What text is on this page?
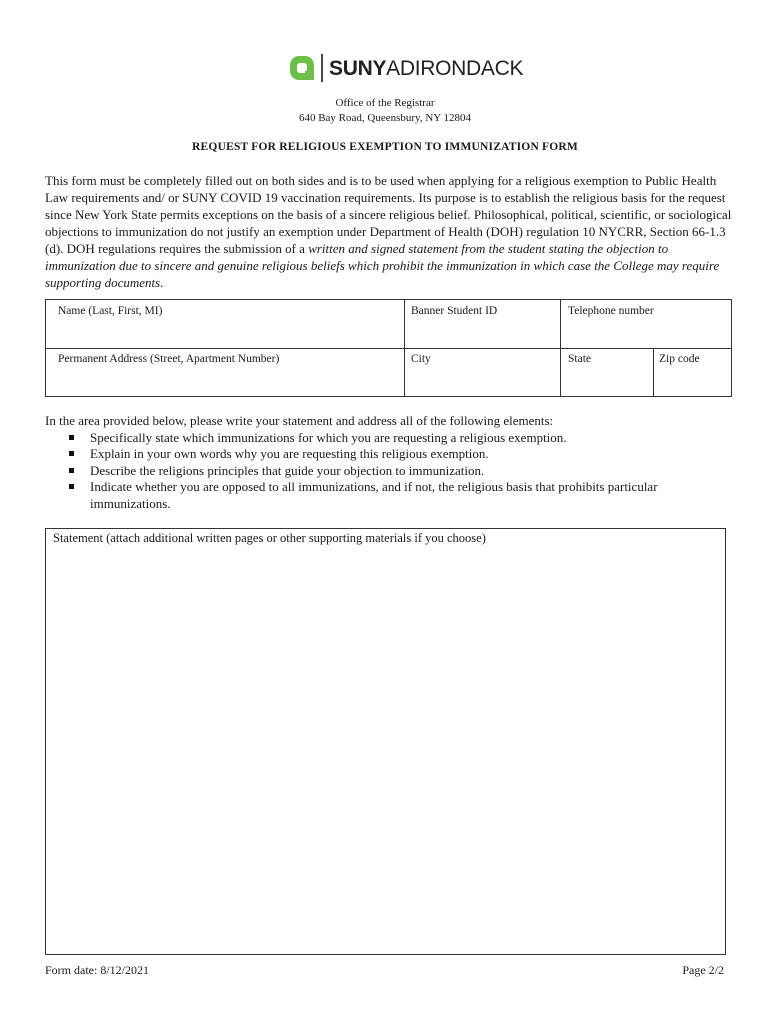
SUNYADIRONDACK
Office of the Registrar
640 Bay Road, Queensbury, NY 12804
REQUEST FOR RELIGIOUS EXEMPTION TO IMMUNIZATION FORM
This form must be completely filled out on both sides and is to be used when applying for a religious exemption to Public Health Law requirements and/ or SUNY COVID 19 vaccination requirements. Its purpose is to establish the religious basis for the request since New York State permits exceptions on the basis of a sincere religious belief. Philosophical, political, scientific, or sociological objections to immunization do not justify an exemption under Department of Health (DOH) regulation 10 NYCRR, Section 66-1.3 (d). DOH regulations requires the submission of a written and signed statement from the student stating the objection to immunization due to sincere and genuine religious beliefs which prohibit the immunization in which case the College may require supporting documents.
Name (Last, First, MI)	Banner Student ID	Telephone number
Permanent Address (Street, Apartment Number)	City	State	Zip code
In the area provided below, please write your statement and address all of the following elements:
Specifically state which immunizations for which you are requesting a religious exemption.
Explain in your own words why you are requesting this religious exemption.
Describe the religions principles that guide your objection to immunization.
Indicate whether you are opposed to all immunizations, and if not, the religious basis that prohibits particular immunizations.
Statement (attach additional written pages or other supporting materials if you choose)
Form date: 8/12/2021	Page 2/2
